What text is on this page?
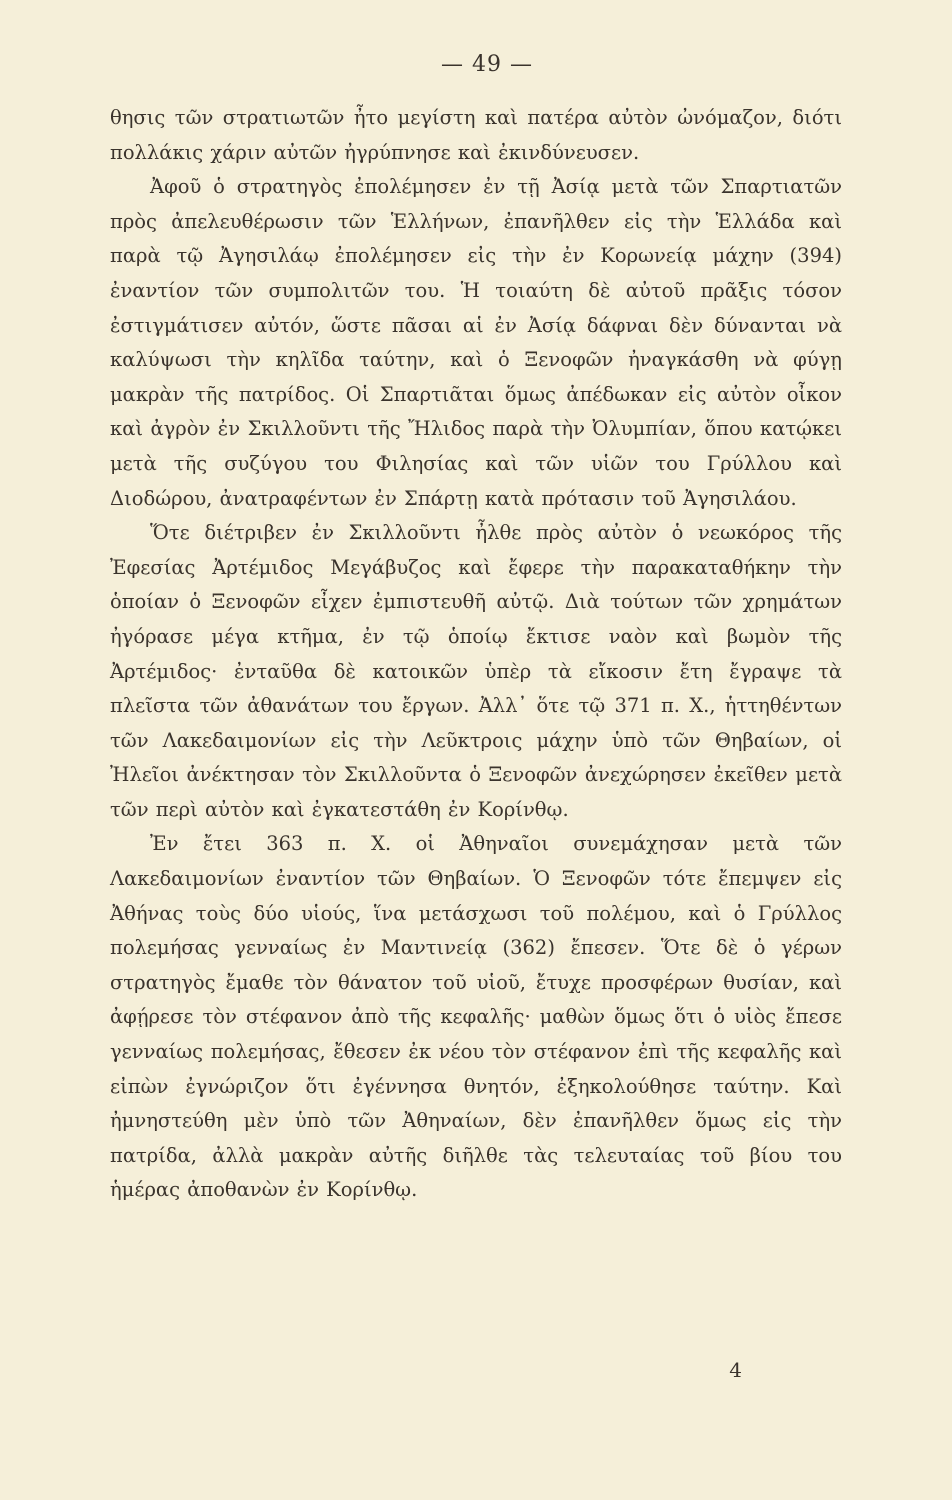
— 49 —

θησις τῶν στρατιωτῶν ἦτο μεγίστη καὶ πατέρα αὐτὸν ὠνόμαζον, διότι πολλάκις χάριν αὐτῶν ἠγρύπνησε καὶ ἐκινδύνευσεν.

Ἀφοῦ ὁ στρατηγὸς ἐπολέμησεν ἐν τῇ Ἀσίᾳ μετὰ τῶν Σπαρτιατῶν πρὸς ἀπελευθέρωσιν τῶν Ἑλλήνων, ἐπανῆλθεν εἰς τὴν Ἑλλάδα καὶ παρὰ τῷ Ἀγησιλάῳ ἐπολέμησεν εἰς τὴν ἐν Κορωνείᾳ μάχην (394) ἐναντίον τῶν συμπολιτῶν του. Ἡ τοιαύτη δὲ αὐτοῦ πρᾶξις τόσον ἐστιγμάτισεν αὐτόν, ὥστε πᾶσαι αἱ ἐν Ἀσίᾳ δάφναι δὲν δύνανται νὰ καλύψωσι τὴν κηλῖδα ταύτην, καὶ ὁ Ξενοφῶν ἠναγκάσθη νὰ φύγῃ μακρὰν τῆς πατρίδος. Οἱ Σπαρτιᾶται ὅμως ἀπέδωκαν εἰς αὐτὸν οἶκον καὶ ἀγρὸν ἐν Σκιλλοῦντι τῆς Ἤλιδος παρὰ τὴν Ὀλυμπίαν, ὅπου κατῴκει μετὰ τῆς συζύγου του Φιλησίας καὶ τῶν υἱῶν του Γρύλλου καὶ Διοδώρου, ἀνατραφέντων ἐν Σπάρτῃ κατὰ πρότασιν τοῦ Ἀγησιλάου.

Ὅτε διέτριβεν ἐν Σκιλλοῦντι ἦλθε πρὸς αὐτὸν ὁ νεωκόρος τῆς Ἐφεσίας Ἀρτέμιδος Μεγάβυζος καὶ ἔφερε τὴν παρακαταθήκην τὴν ὁποίαν ὁ Ξενοφῶν εἶχεν ἐμπιστευθῆ αὐτῷ. Διὰ τούτων τῶν χρημάτων ἠγόρασε μέγα κτῆμα, ἐν τῷ ὁποίῳ ἔκτισε ναὸν καὶ βωμὸν τῆς Ἀρτέμιδος· ἐνταῦθα δὲ κατοικῶν ὑπὲρ τὰ εἴκοσιν ἔτη ἔγραψε τὰ πλεῖστα τῶν ἀθανάτων του ἔργων. Ἀλλ᾽ ὅτε τῷ 371 π. Χ., ἡττηθέντων τῶν Λακεδαιμονίων εἰς τὴν Λεῦκτροις μάχην ὑπὸ τῶν Θηβαίων, οἱ Ἠλεῖοι ἀνέκτησαν τὸν Σκιλλοῦντα ὁ Ξενοφῶν ἀνεχώρησεν ἐκεῖθεν μετὰ τῶν περὶ αὐτὸν καὶ ἐγκατεστάθη ἐν Κορίνθῳ.

Ἐν ἔτει 363 π. Χ. οἱ Ἀθηναῖοι συνεμάχησαν μετὰ τῶν Λακεδαιμονίων ἐναντίον τῶν Θηβαίων. Ὁ Ξενοφῶν τότε ἔπεμψεν εἰς Ἀθήνας τοὺς δύο υἱούς, ἵνα μετάσχωσι τοῦ πολέμου, καὶ ὁ Γρύλλος πολεμήσας γενναίως ἐν Μαντινείᾳ (362) ἔπεσεν. Ὅτε δὲ ὁ γέρων στρατηγὸς ἔμαθε τὸν θάνατον τοῦ υἱοῦ, ἔτυχε προσφέρων θυσίαν, καὶ ἀφῄρεσε τὸν στέφανον ἀπὸ τῆς κεφαλῆς· μαθὼν ὅμως ὅτι ὁ υἱὸς ἔπεσε γενναίως πολεμήσας, ἔθεσεν ἐκ νέου τὸν στέφανον ἐπὶ τῆς κεφαλῆς καὶ εἰπὼν ἐγνώριζον ὅτι ἐγέννησα θνητόν, ἐξηκολούθησε ταύτην. Καὶ ἠμνηστεύθη μὲν ὑπὸ τῶν Ἀθηναίων, δὲν ἐπανῆλθεν ὅμως εἰς τὴν πατρίδα, ἀλλὰ μακρὰν αὐτῆς διῆλθε τὰς τελευταίας τοῦ βίου του ἡμέρας ἀποθανὼν ἐν Κορίνθῳ.

4
